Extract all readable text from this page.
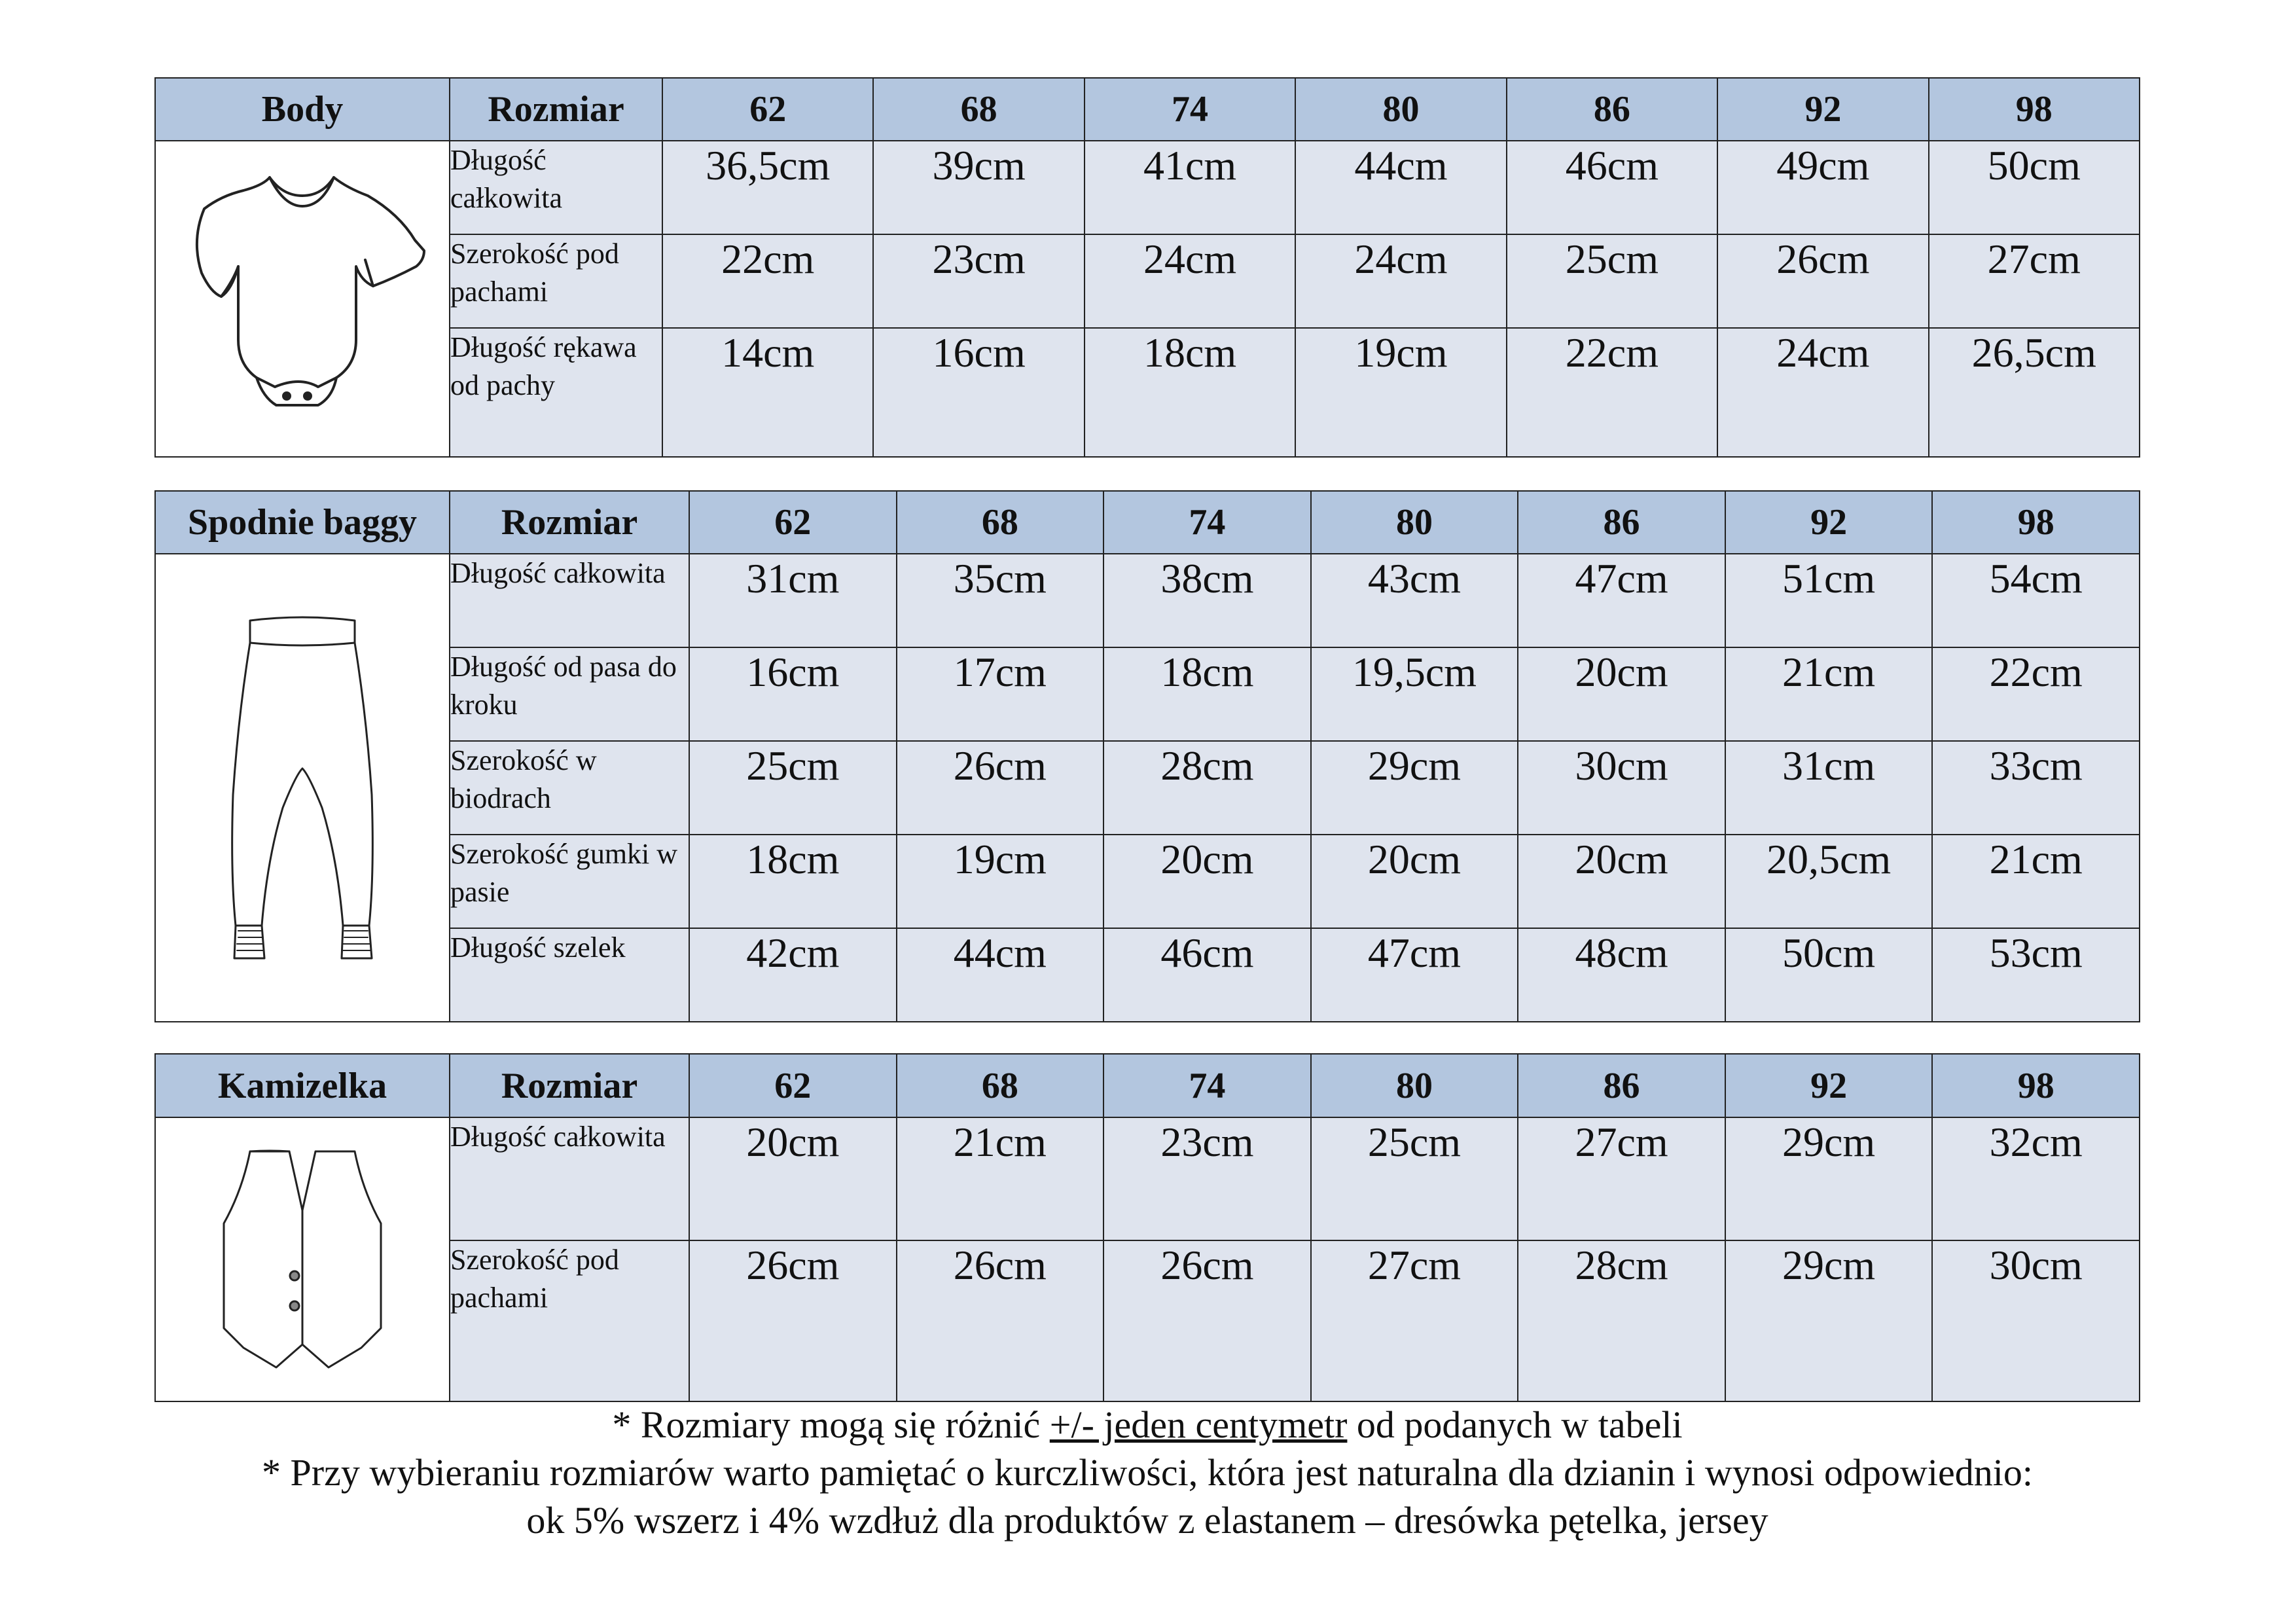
Body	Rozmiar	62	68	74	80	86	92	98

	Długość całkowita	36,5cm	39cm	41cm	44cm	46cm	49cm	50cm
	Szerokość pod pachami	22cm	23cm	24cm	24cm	25cm	26cm	27cm
	Długość rękawa od pachy	14cm	16cm	18cm	19cm	22cm	24cm	26,5cm
Spodnie baggy	Rozmiar	62	68	74	80	86	92	98

	Długość całkowita	31cm	35cm	38cm	43cm	47cm	51cm	54cm
	Długość od pasa do kroku	16cm	17cm	18cm	19,5cm	20cm	21cm	22cm
	Szerokość w biodrach	25cm	26cm	28cm	29cm	30cm	31cm	33cm
	Szerokość gumki w pasie	18cm	19cm	20cm	20cm	20cm	20,5cm	21cm
	Długość szelek	42cm	44cm	46cm	47cm	48cm	50cm	53cm
Kamizelka	Rozmiar	62	68	74	80	86	92	98

	Długość całkowita	20cm	21cm	23cm	25cm	27cm	29cm	32cm
	Szerokość pod pachami	26cm	26cm	26cm	27cm	28cm	29cm	30cm
* Rozmiary mogą się różnić +/- jeden centymetr od podanych w tabeli
* Przy wybieraniu rozmiarów warto pamiętać o kurczliwości, która jest naturalna dla dzianin i wynosi odpowiednio:
ok 5% wszerz i 4% wzdłuż dla produktów z elastanem – dresówka pętelka, jersey
